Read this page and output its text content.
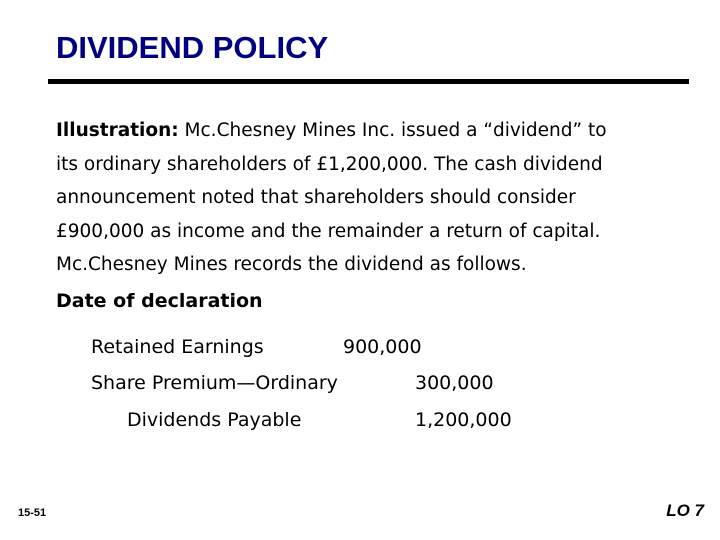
DIVIDEND POLICY
Illustration: Mc.Chesney Mines Inc. issued a “dividend” to
its ordinary shareholders of £1,200,000. The cash dividend
announcement noted that shareholders should consider
£900,000 as income and the remainder a return of capital.
Mc.Chesney Mines records the dividend as follows.
Date of declaration
Retained Earnings	900,000
Share Premium—Ordinary	300,000
Dividends Payable	1,200,000
15-51	LO 7
